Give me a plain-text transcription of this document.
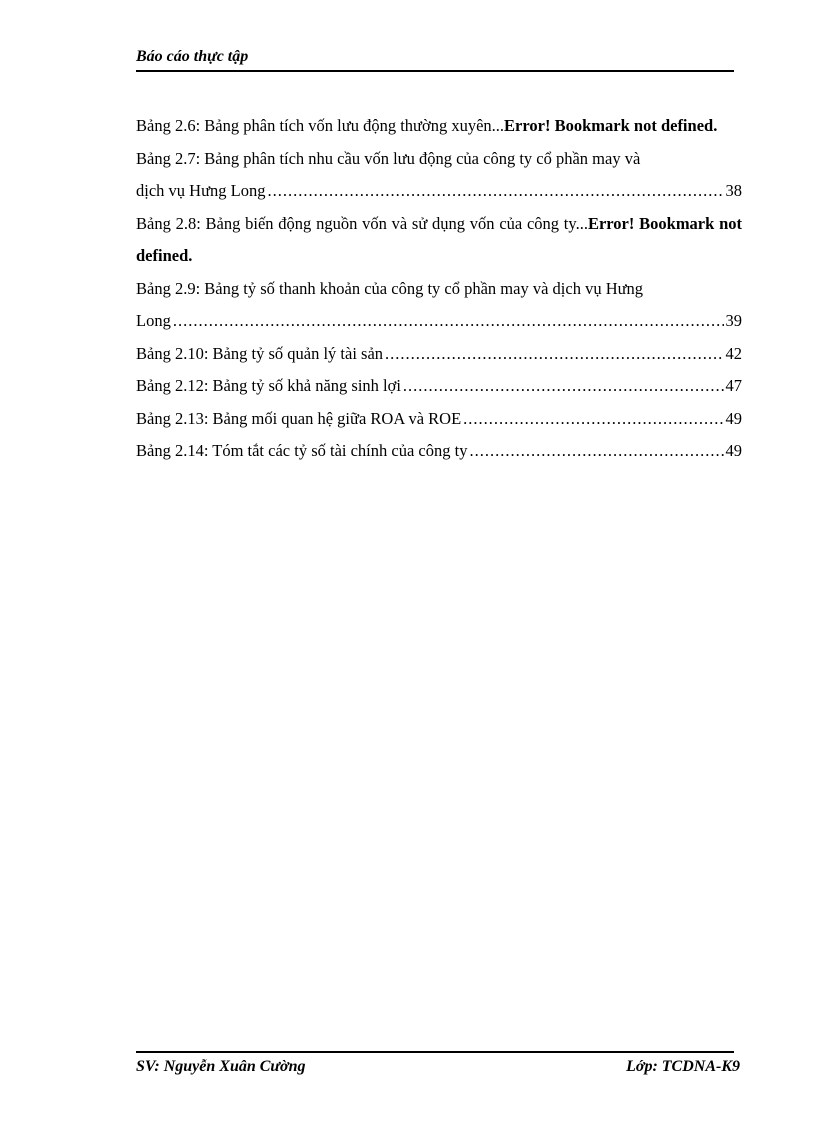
Báo cáo thực tập
Bảng 2.6: Bảng phân tích vốn lưu động thường xuyên...Error! Bookmark not defined.
Bảng 2.7: Bảng phân tích nhu cầu vốn lưu động của công ty cổ phần may và
dịch vụ Hưng Long .....	38
Bảng 2.8: Bảng biến động nguồn vốn và sử dụng vốn của công ty...Error! Bookmark not defined.
Bảng 2.9: Bảng tỷ số thanh khoản của công ty cổ phần may và dịch vụ Hưng
Long .....	39
Bảng 2.10: Bảng tỷ số quản lý tài sản .....	42
Bảng 2.12: Bảng tỷ số khả năng sinh lợi .....	47
Bảng 2.13: Bảng mối quan hệ giữa ROA và ROE .....	49
Bảng 2.14: Tóm tắt các tỷ số tài chính của công ty .....	49
SV: Nguyễn Xuân Cường	Lớp: TCDNA-K9
